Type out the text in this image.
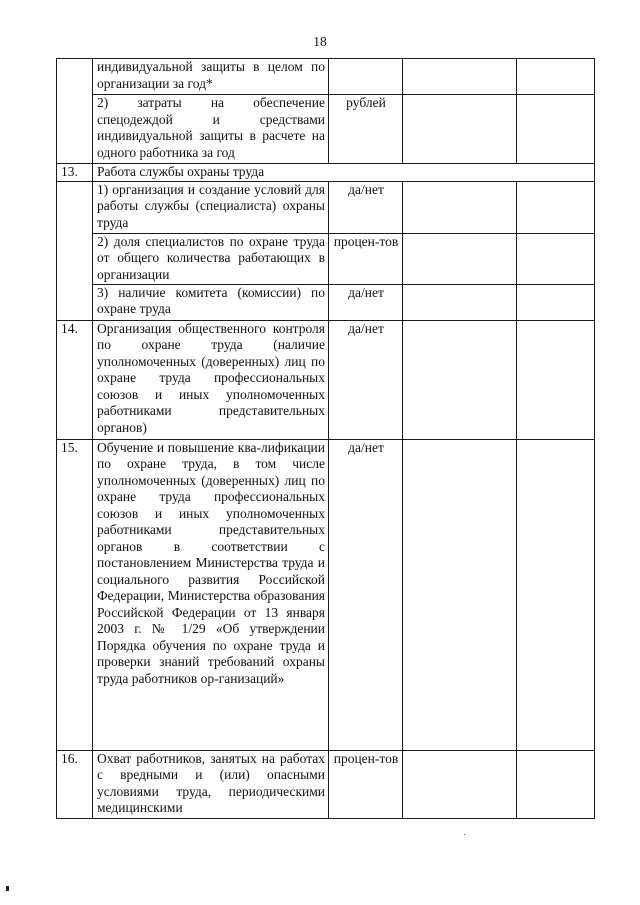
18
	индивидуальной защиты в целом по организации за год*			
	2) затраты на обеспечение спецодеждой и средствами индивидуальной защиты в расчете на одного работника за год	рублей		
13.	Работа службы охраны труда			
	1) организация и создание условий для работы службы (специалиста) охраны труда	да/нет		
	2) доля специалистов по охране труда от общего количества работающих в организации	процен-тов		
	3) наличие комитета (комиссии) по охране труда	да/нет		
14.	Организация общественного контроля по охране труда (наличие уполномоченных (доверенных) лиц по охране труда профессиональных союзов и иных уполномоченных работниками представительных органов)	да/нет		
15.	Обучение и повышение ква-лификации по охране труда, в том числе уполномоченных (доверенных) лиц по охране труда профессиональных союзов и иных уполномоченных работниками представительных органов в соответствии с постановлением Министерства труда и социального развития Российской Федерации, Министерства образования Российской Федерации от 13 января 2003 г. № 1/29 «Об утверждении Порядка обучения по охране труда и проверки знаний требований охраны труда работников ор-ганизаций»	да/нет		
16.	Охват работников, занятых на работах с вредными и (или) опасными условиями труда, периодическими медицинскими	процен-тов		
